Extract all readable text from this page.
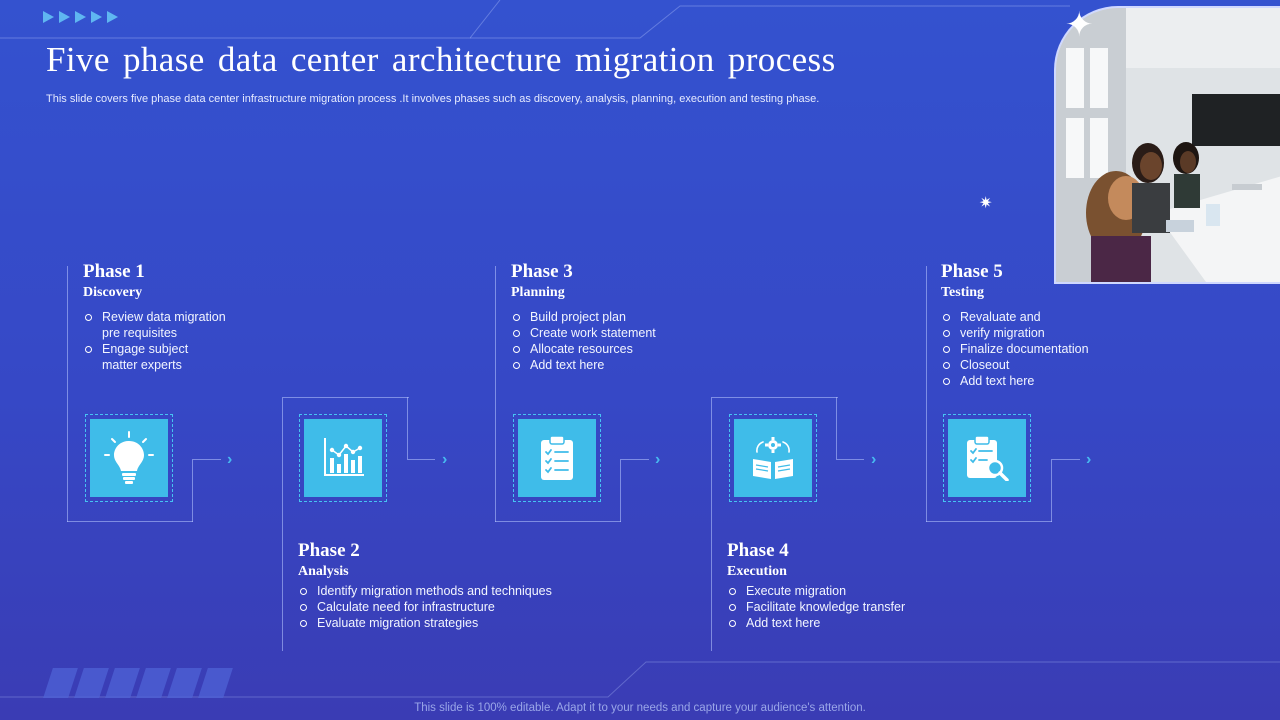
Five phase data center architecture migration process
This slide covers five phase data center infrastructure migration process .It involves phases such as discovery, analysis, planning, execution and testing phase.
✦
✷

Phase 1

Discovery

Review data migration
pre requisites
Engage subject
matter experts
›	›

Phase 2

Analysis

Identify migration methods and techniques
Calculate need for infrastructure
Evaluate migration strategies

Phase 3

Planning

Build project plan
Create work statement
Allocate resources
Add text here
›	›

Phase 4

Execution

Execute migration
Facilitate knowledge transfer
Add text here

Phase 5

Testing

Revaluate and
verify migration
Finalize documentation
Closeout
Add text here
›
This slide is 100% editable. Adapt it to your needs and capture your audience's attention.
